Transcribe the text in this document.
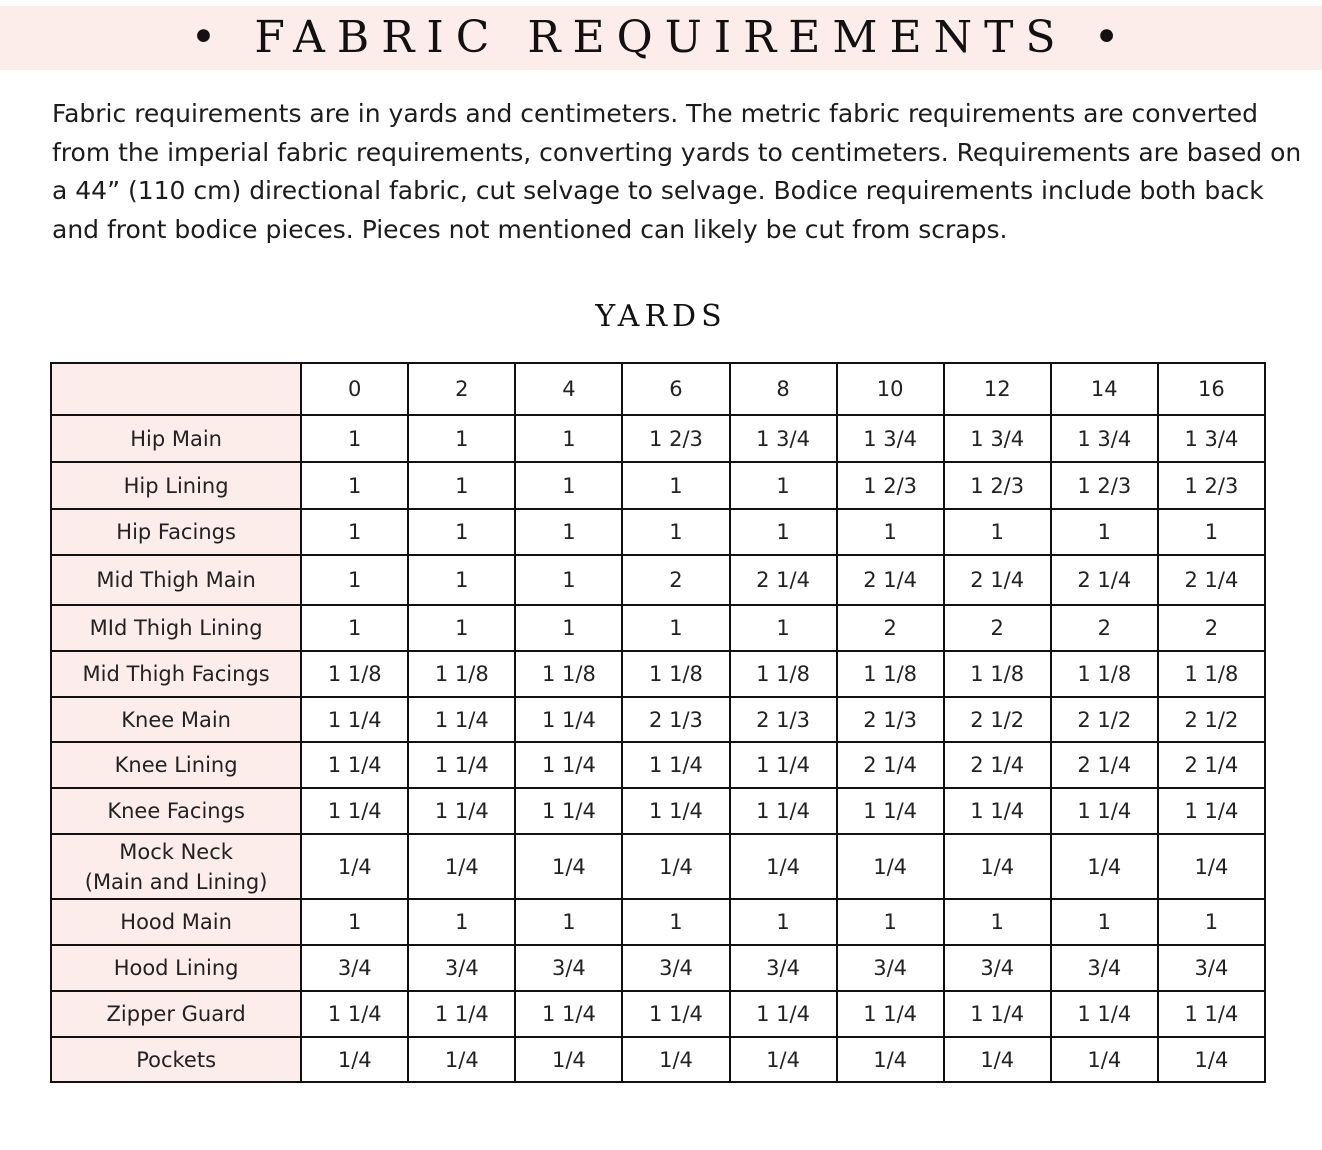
• FABRIC REQUIREMENTS •

Fabric requirements are in yards and centimeters. The metric fabric requirements are converted from the imperial fabric requirements, converting yards to centimeters. Requirements are based on a 44” (110 cm) directional fabric, cut selvage to selvage. Bodice requirements include both back and front bodice pieces. Pieces not mentioned can likely be cut from scraps.

YARDS
	0	2	4	6	8	10	12	14	16

Hip Main	1	1	1	1 2/3	1 3/4	1 3/4	1 3/4	1 3/4	1 3/4

Hip Lining	1	1	1	1	1	1 2/3	1 2/3	1 2/3	1 2/3

Hip Facings	1	1	1	1	1	1	1	1	1

Mid Thigh Main	1	1	1	2	2 1/4	2 1/4	2 1/4	2 1/4	2 1/4

MId Thigh Lining	1	1	1	1	1	2	2	2	2

Mid Thigh Facings	1 1/8	1 1/8	1 1/8	1 1/8	1 1/8	1 1/8	1 1/8	1 1/8	1 1/8

Knee Main	1 1/4	1 1/4	1 1/4	2 1/3	2 1/3	2 1/3	2 1/2	2 1/2	2 1/2

Knee Lining	1 1/4	1 1/4	1 1/4	1 1/4	1 1/4	2 1/4	2 1/4	2 1/4	2 1/4

Knee Facings	1 1/4	1 1/4	1 1/4	1 1/4	1 1/4	1 1/4	1 1/4	1 1/4	1 1/4

Mock Neck
(Main and Lining)	1/4	1/4	1/4	1/4	1/4	1/4	1/4	1/4	1/4

Hood Main	1	1	1	1	1	1	1	1	1

Hood Lining	3/4	3/4	3/4	3/4	3/4	3/4	3/4	3/4	3/4

Zipper Guard	1 1/4	1 1/4	1 1/4	1 1/4	1 1/4	1 1/4	1 1/4	1 1/4	1 1/4

Pockets	1/4	1/4	1/4	1/4	1/4	1/4	1/4	1/4	1/4
